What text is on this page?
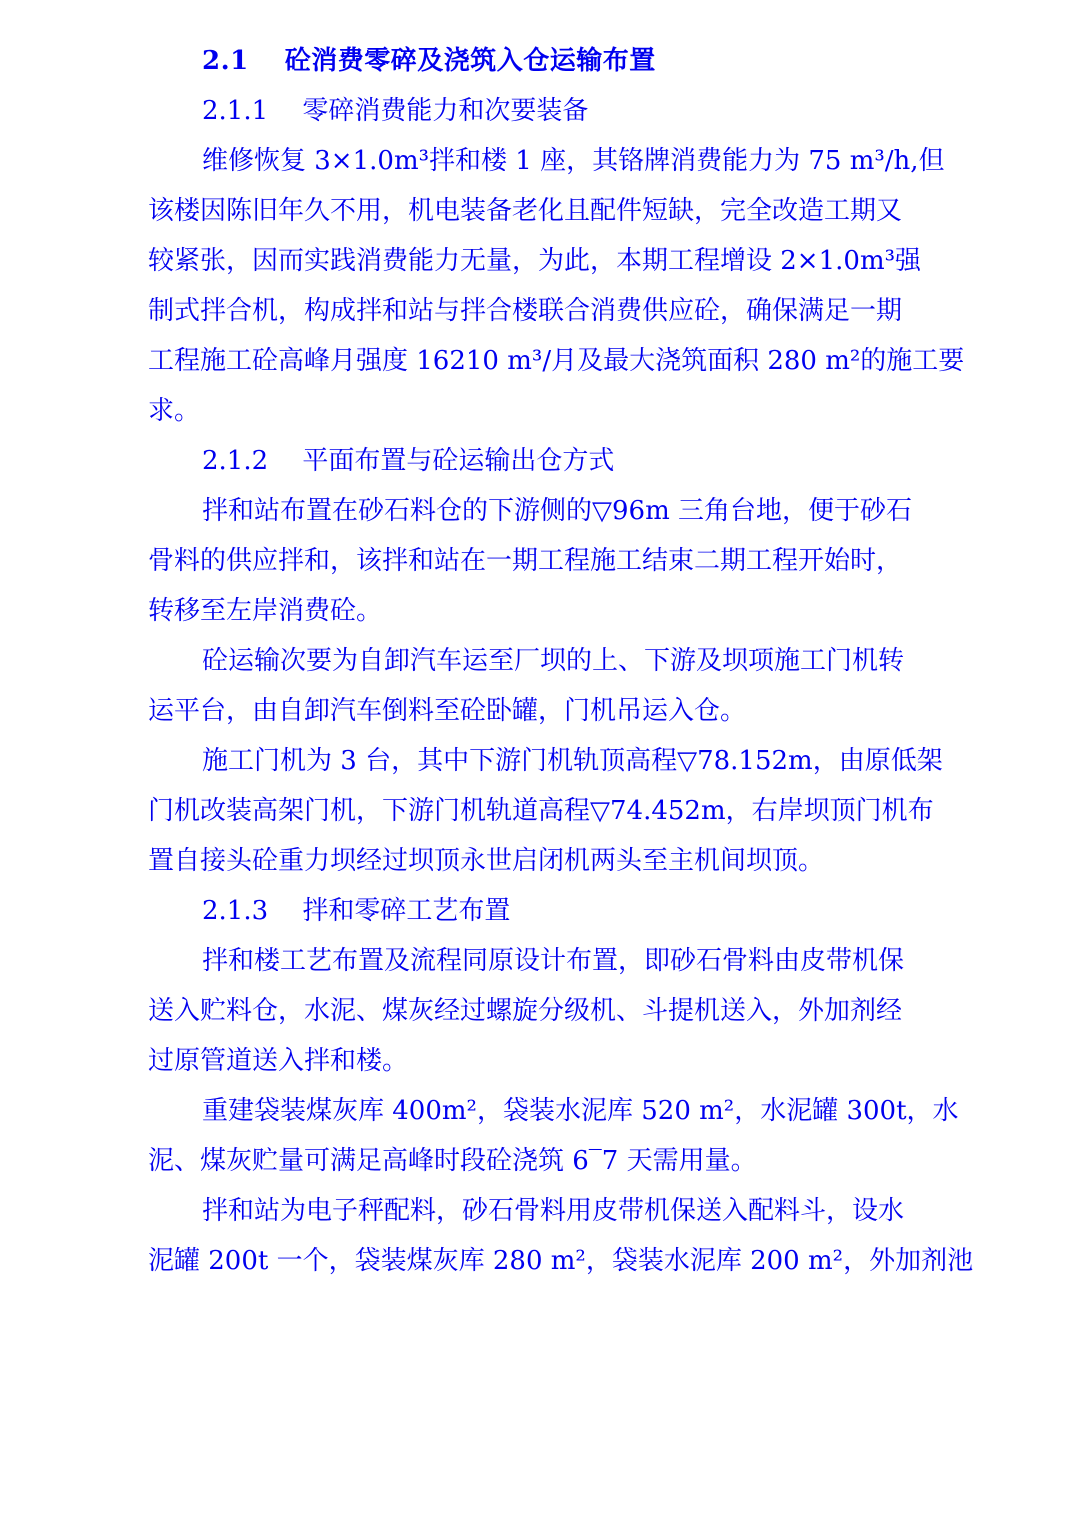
2.1　 砼消费零碎及浇筑入仓运输布置
2.1.1　 零碎消费能力和次要装备
维修恢复 3×1.0m³拌和楼 1 座，其铬牌消费能力为 75 m³/h,但
该楼因陈旧年久不用，机电装备老化且配件短缺，完全改造工期又
较紧张，因而实践消费能力无量，为此，本期工程增设 2×1.0m³强
制式拌合机，构成拌和站与拌合楼联合消费供应砼，确保满足一期
工程施工砼高峰月强度 16210 m³/月及最大浇筑面积 280 m²的施工要
求。
2.1.2　 平面布置与砼运输出仓方式
拌和站布置在砂石料仓的下游侧的▽96m 三角台地，便于砂石
骨料的供应拌和，该拌和站在一期工程施工结束二期工程开始时，
转移至左岸消费砼。
砼运输次要为自卸汽车运至厂坝的上、下游及坝项施工门机转
运平台，由自卸汽车倒料至砼卧罐，门机吊运入仓。
施工门机为 3 台，其中下游门机轨顶高程▽78.152m，由原低架
门机改装高架门机，下游门机轨道高程▽74.452m，右岸坝顶门机布
置自接头砼重力坝经过坝顶永世启闭机两头至主机间坝顶。
2.1.3　 拌和零碎工艺布置
拌和楼工艺布置及流程同原设计布置，即砂石骨料由皮带机保
送入贮料仓，水泥、煤灰经过螺旋分级机、斗提机送入，外加剂经
过原管道送入拌和楼。
重建袋装煤灰库 400m²，袋装水泥库 520 m²，水泥罐 300t，水
泥、煤灰贮量可满足高峰时段砼浇筑 6‾7 天需用量。
拌和站为电子秤配料，砂石骨料用皮带机保送入配料斗，设水
泥罐 200t 一个，袋装煤灰库 280 m²，袋装水泥库 200 m²，外加剂池
